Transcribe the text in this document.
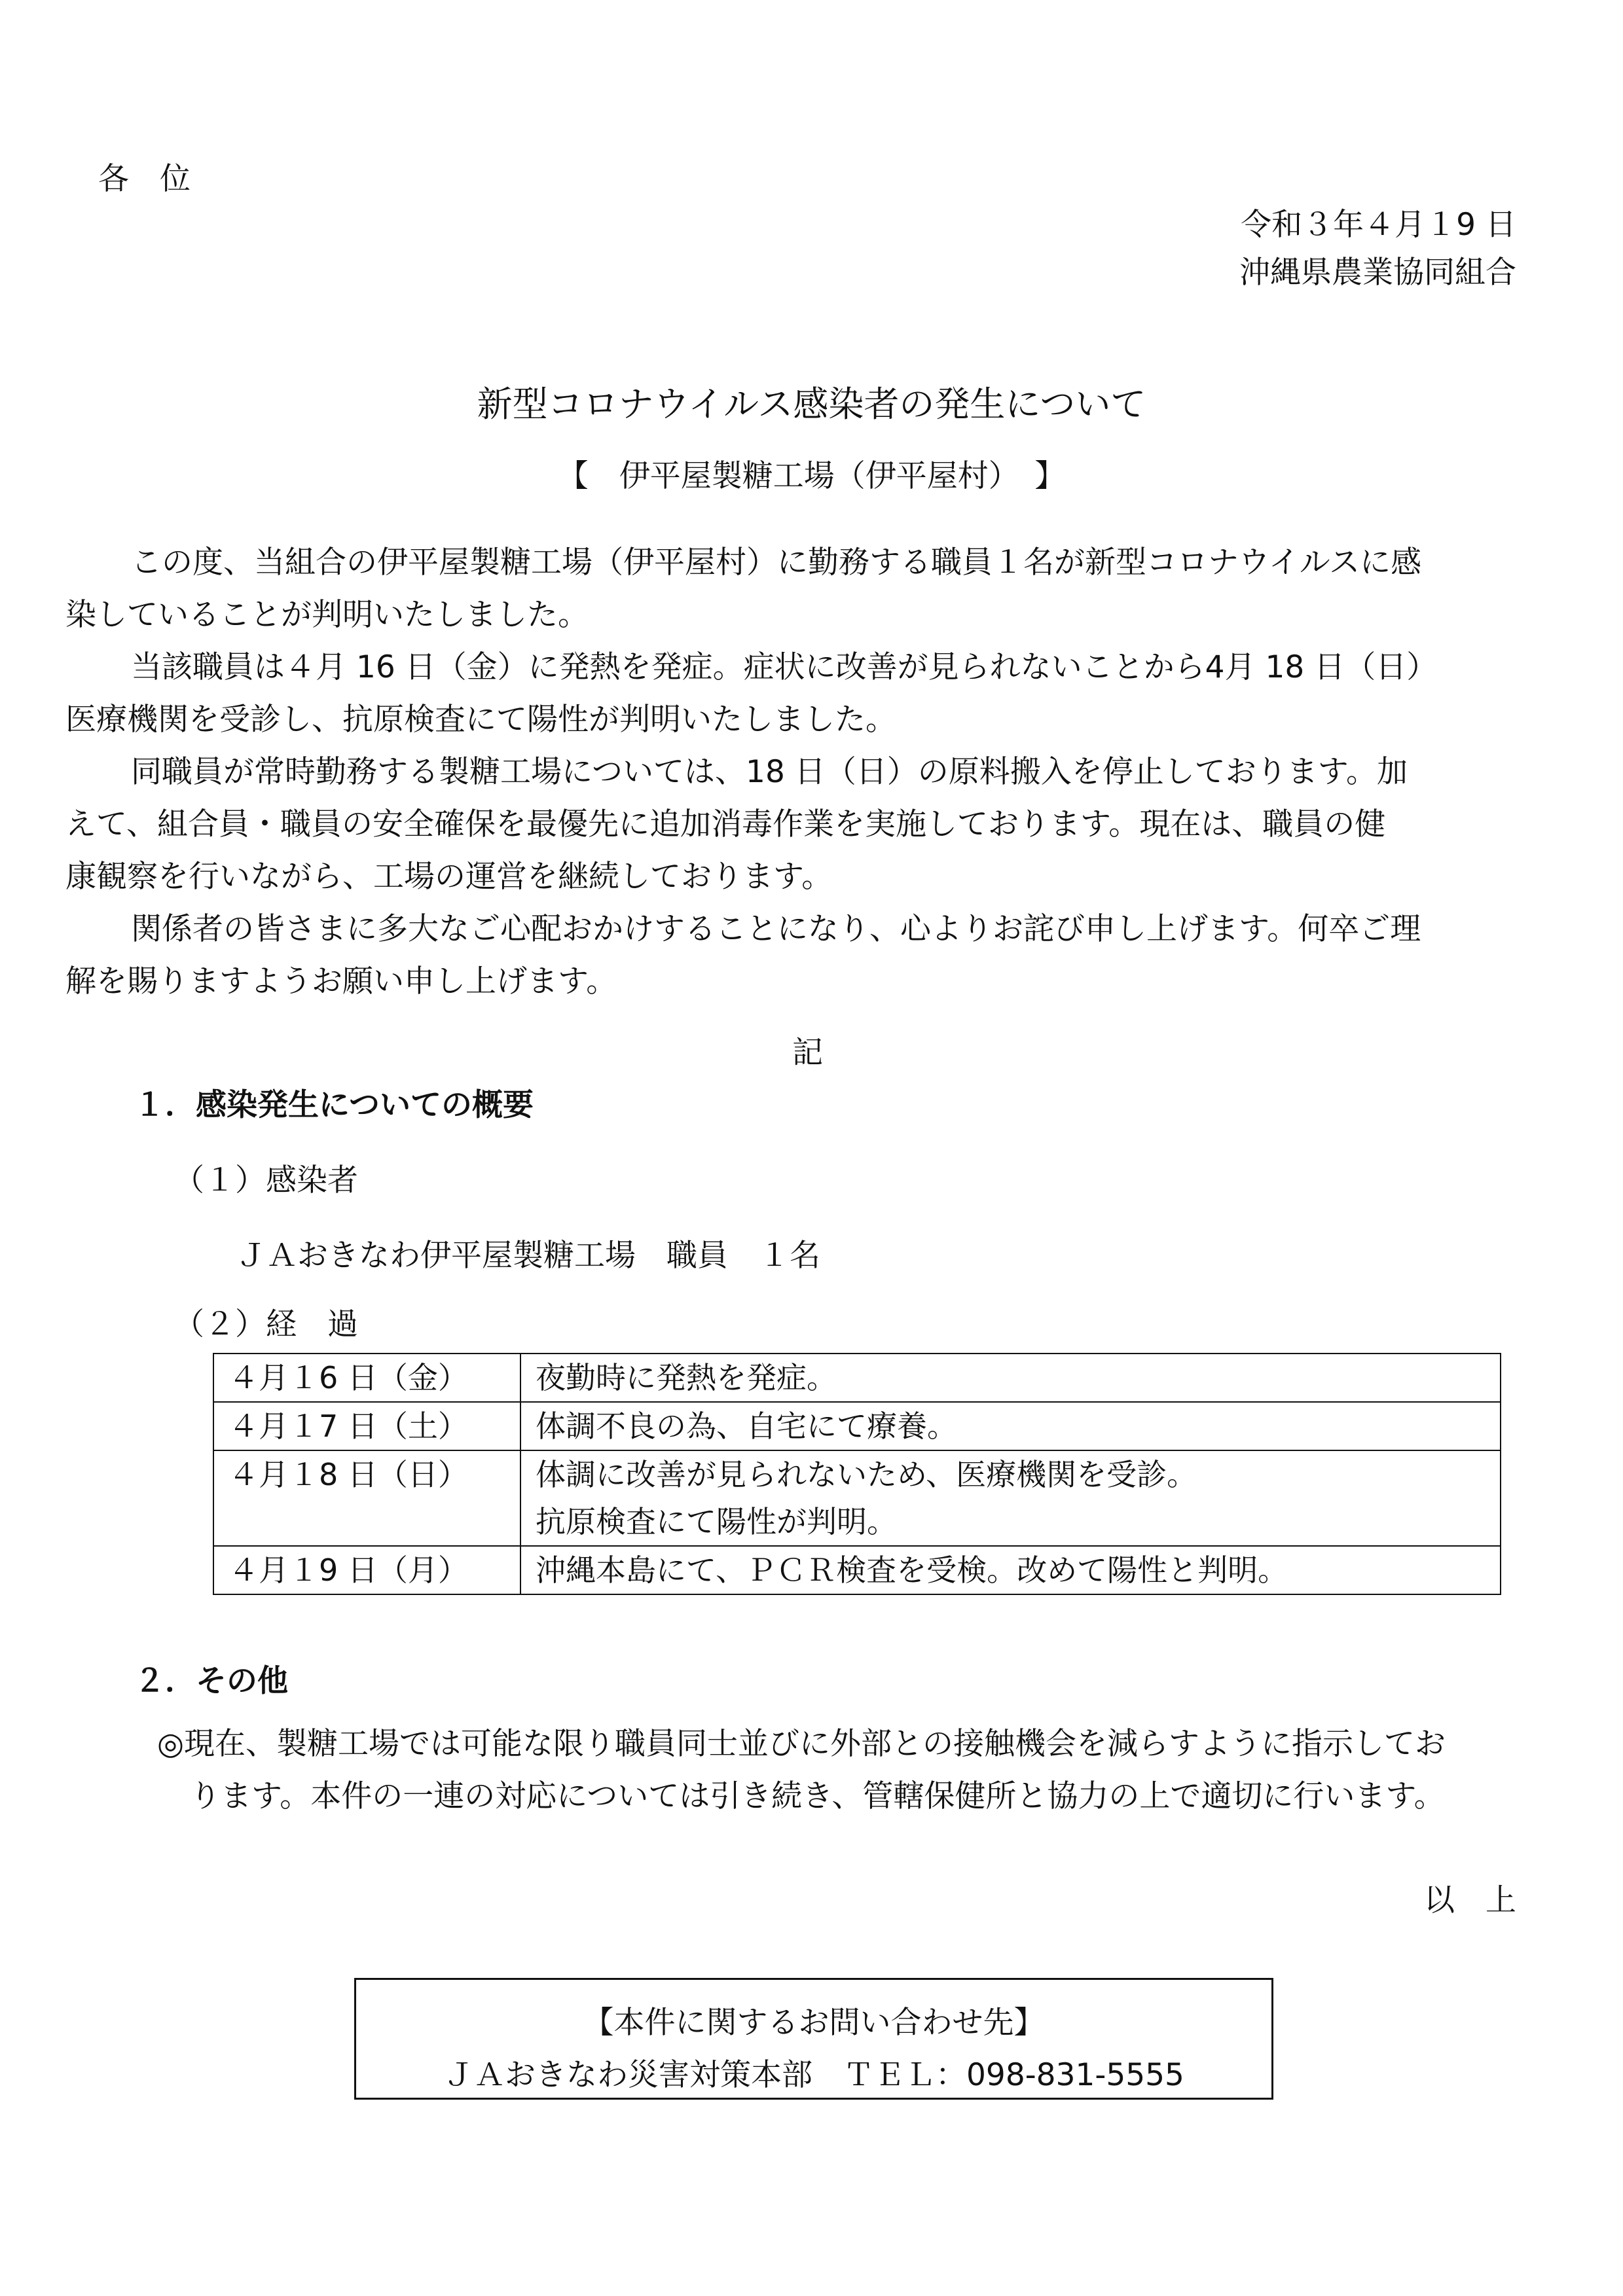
各　位
令和３年４月１9 日
沖縄県農業協同組合
新型コロナウイルス感染者の発生について
【　伊平屋製糖工場（伊平屋村）　】

この度、当組合の伊平屋製糖工場（伊平屋村）に勤務する職員１名が新型コロナウイルスに感
染していることが判明いたしました。

当該職員は４月 16 日（金）に発熱を発症。症状に改善が見られないことから4月 18 日（日）
医療機関を受診し、抗原検査にて陽性が判明いたしました。

同職員が常時勤務する製糖工場については、18 日（日）の原料搬入を停止しております。加
えて、組合員・職員の安全確保を最優先に追加消毒作業を実施しております。現在は、職員の健
康観察を行いながら、工場の運営を継続しております。

関係者の皆さまに多大なご心配おかけすることになり、心よりお詫び申し上げます。何卒ご理
解を賜りますようお願い申し上げます。

記
１．感染発生についての概要
（１）感染者
ＪＡおきなわ伊平屋製糖工場　職員　１名
（２）経　過
４月１6 日（金）	夜勤時に発熱を発症。

４月１7 日（土）	体調不良の為、自宅にて療養。

４月１8 日（日）	体調に改善が見られないため、医療機関を受診。
抗原検査にて陽性が判明。

４月１9 日（月）	沖縄本島にて、ＰＣＲ検査を受検。改めて陽性と判明。
２．その他
◎現在、製糖工場では可能な限り職員同士並びに外部との接触機会を減らすように指示してお
ります。本件の一連の対応については引き続き、管轄保健所と協力の上で適切に行います。
以　上
【本件に関するお問い合わせ先】
ＪＡおきなわ災害対策本部　ＴＥＬ：098-831-5555
